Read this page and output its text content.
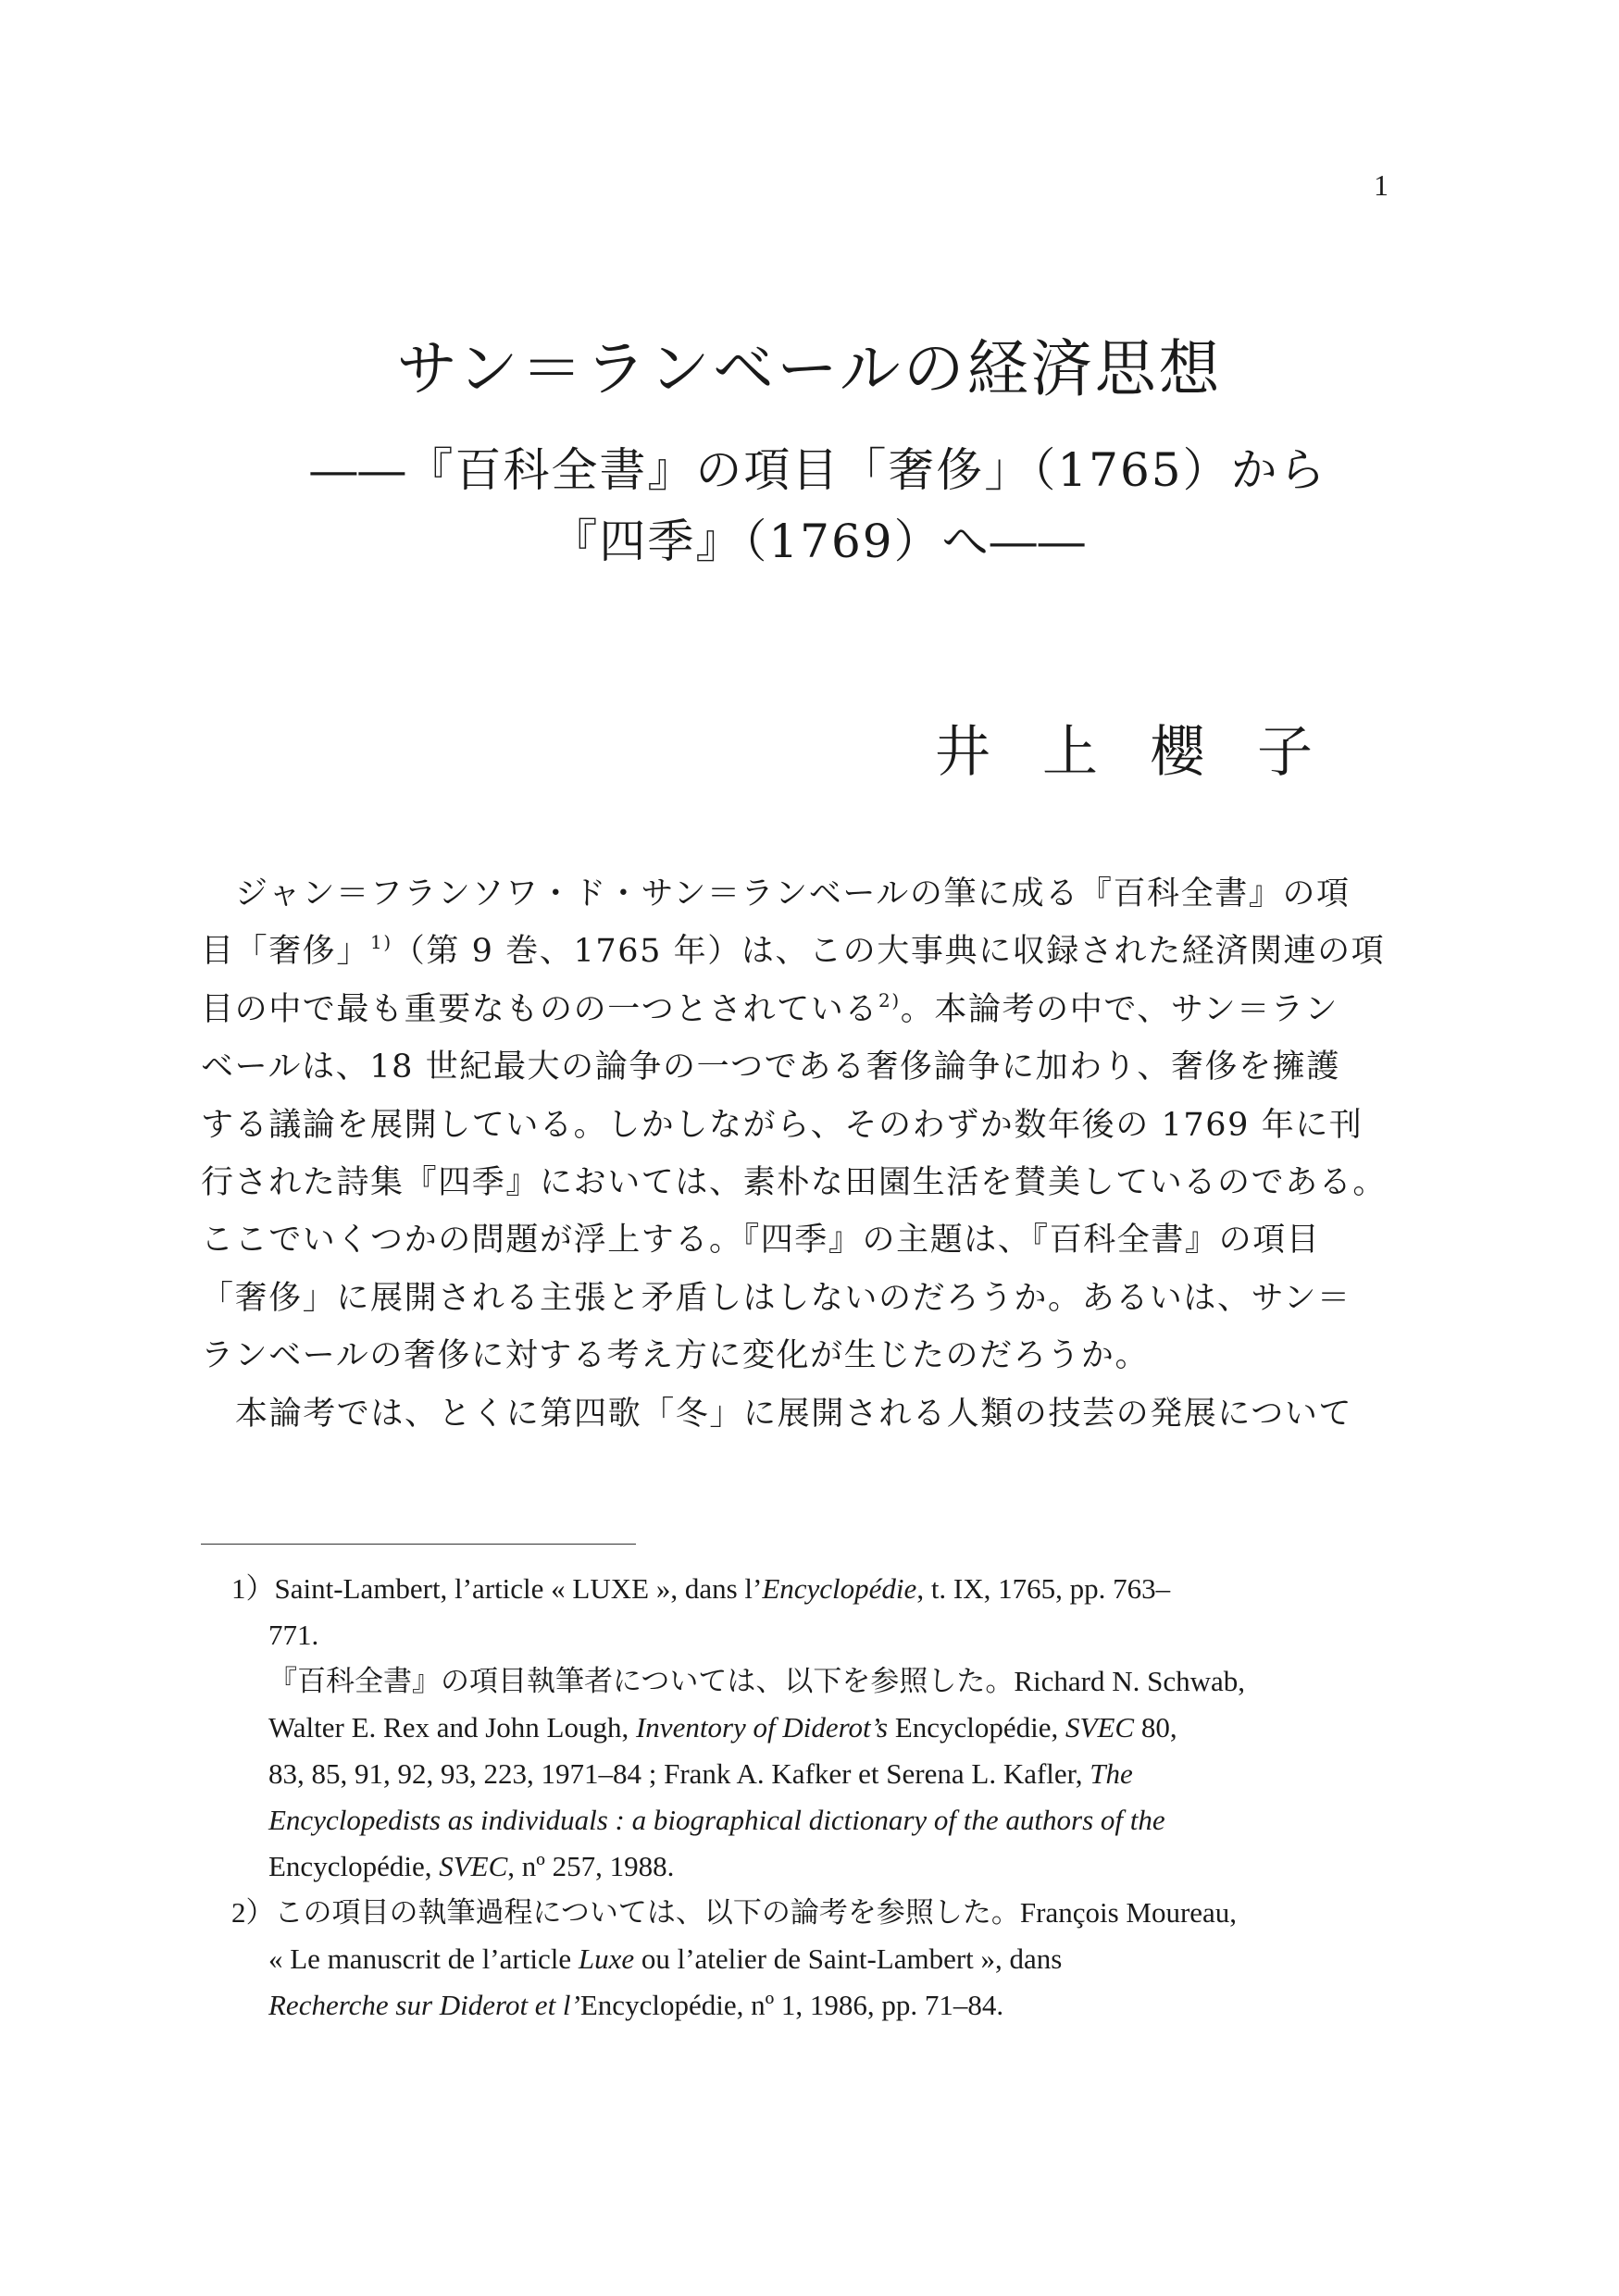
1
サン＝ランベールの経済思想
――『百科全書』の項目「奢侈」（1765）から
『四季』（1769）へ――
井 上 櫻 子
ジャン＝フランソワ・ド・サン＝ランベールの筆に成る『百科全書』の項
目「奢侈」$^{1)}$（第 9 巻、1765 年）は、この大事典に収録された経済関連の項
目の中で最も重要なものの一つとされている$^{2)}$。本論考の中で、サン＝ラン
ベールは、18 世紀最大の論争の一つである奢侈論争に加わり、奢侈を擁護
する議論を展開している。しかしながら、そのわずか数年後の 1769 年に刊
行された詩集『四季』においては、素朴な田園生活を賛美しているのである。
ここでいくつかの問題が浮上する。『四季』の主題は、『百科全書』の項目
「奢侈」に展開される主張と矛盾しはしないのだろうか。あるいは、サン＝
ランベールの奢侈に対する考え方に変化が生じたのだろうか。
本論考では、とくに第四歌「冬」に展開される人類の技芸の発展について
1）Saint-Lambert, l’article « LUXE », dans l’Encyclopédie, t. IX, 1765, pp. 763–
771.
『百科全書』の項目執筆者については、以下を参照した。Richard N. Schwab,
Walter E. Rex and John Lough, Inventory of Diderot’s Encyclopédie, SVEC 80,
83, 85, 91, 92, 93, 223, 1971–84 ; Frank A. Kafker et Serena L. Kafler, The
Encyclopedists as individuals : a biographical dictionary of the authors of the
Encyclopédie, SVEC, nº 257, 1988.
2）この項目の執筆過程については、以下の論考を参照した。François Moureau,
« Le manuscrit de l’article Luxe ou l’atelier de Saint-Lambert », dans
Recherche sur Diderot et l’Encyclopédie, nº 1, 1986, pp. 71–84.
